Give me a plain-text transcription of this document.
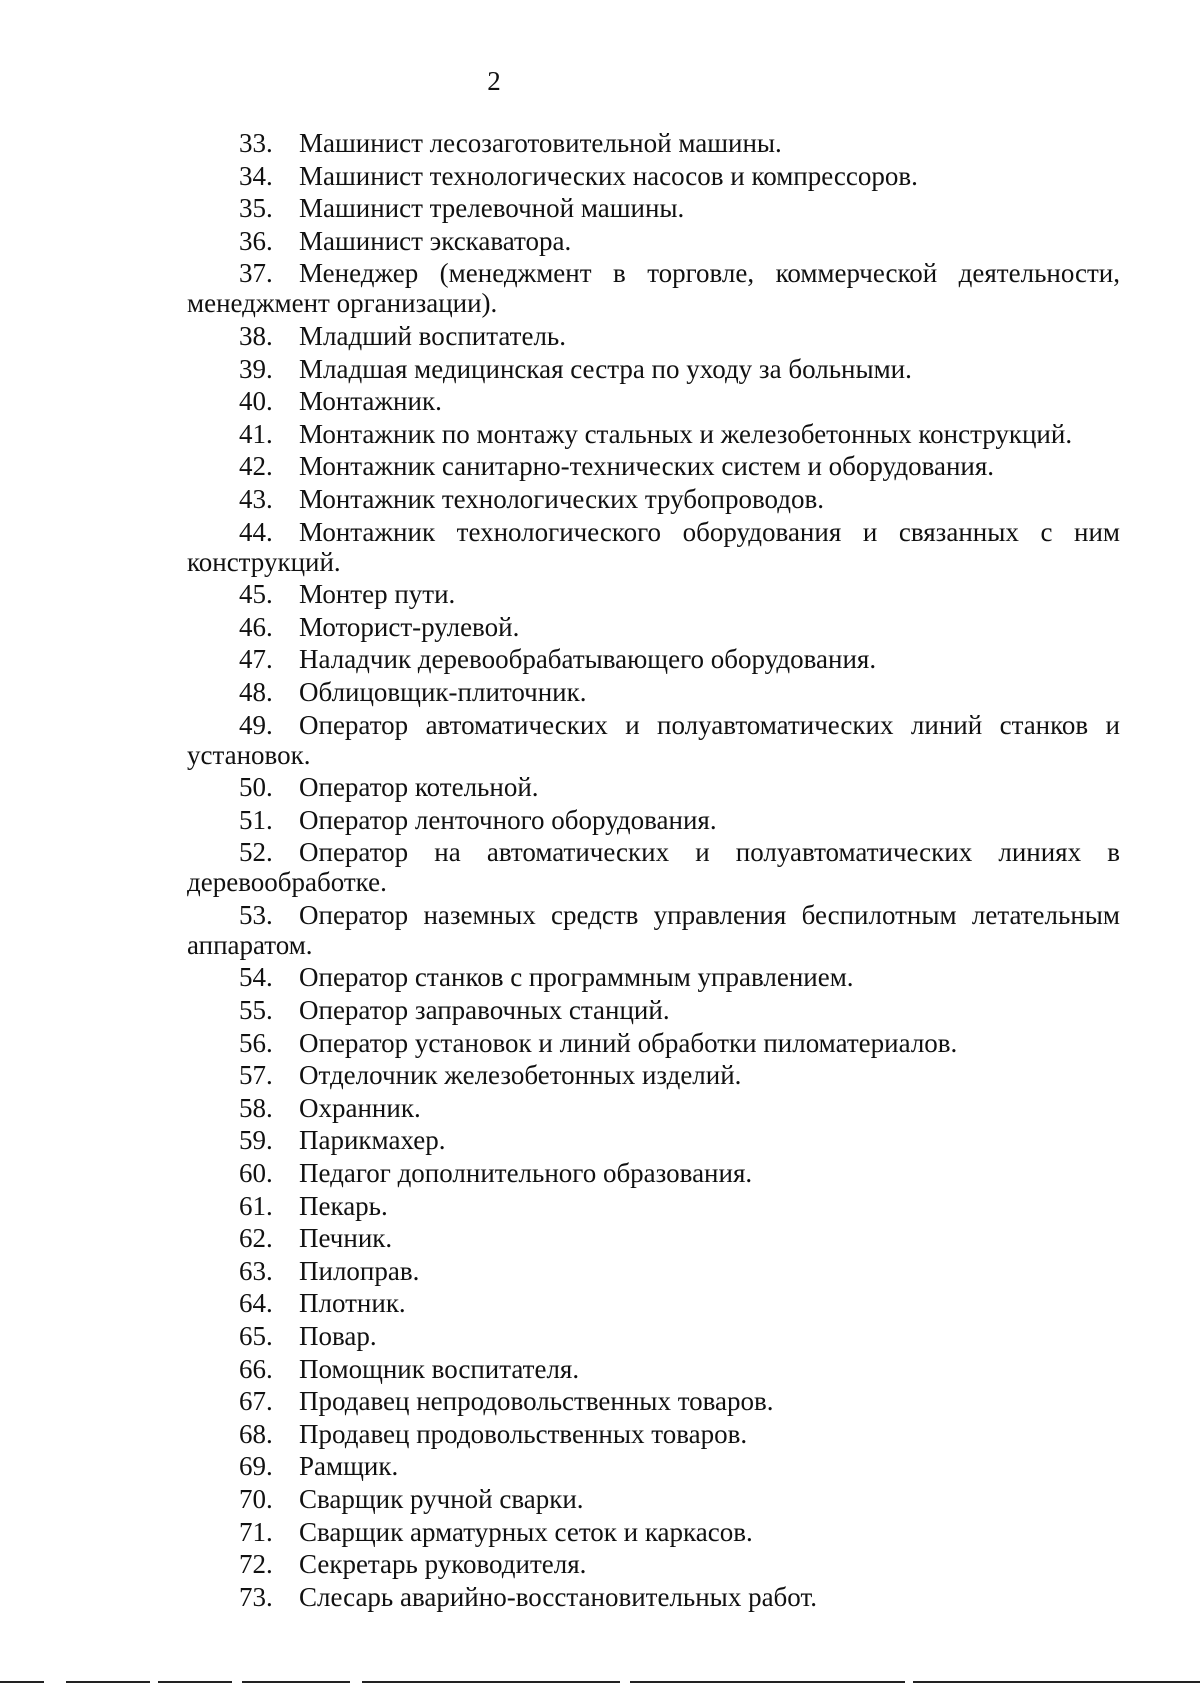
2
33. Машинист лесозаготовительной машины.
34. Машинист технологических насосов и компрессоров.
35. Машинист трелевочной машины.
36. Машинист экскаватора.
37. Менеджер (менеджмент в торговле, коммерческой деятельности, менеджмент организации).
38. Младший воспитатель.
39. Младшая медицинская сестра по уходу за больными.
40. Монтажник.
41. Монтажник по монтажу стальных и железобетонных конструкций.
42. Монтажник санитарно-технических систем и оборудования.
43. Монтажник технологических трубопроводов.
44. Монтажник технологического оборудования и связанных с ним конструкций.
45. Монтер пути.
46. Моторист-рулевой.
47. Наладчик деревообрабатывающего оборудования.
48. Облицовщик-плиточник.
49. Оператор автоматических и полуавтоматических линий станков и установок.
50. Оператор котельной.
51. Оператор ленточного оборудования.
52. Оператор на автоматических и полуавтоматических линиях в деревообработке.
53. Оператор наземных средств управления беспилотным летательным аппаратом.
54. Оператор станков с программным управлением.
55. Оператор заправочных станций.
56. Оператор установок и линий обработки пиломатериалов.
57. Отделочник железобетонных изделий.
58. Охранник.
59. Парикмахер.
60. Педагог дополнительного образования.
61. Пекарь.
62. Печник.
63. Пилоправ.
64. Плотник.
65. Повар.
66. Помощник воспитателя.
67. Продавец непродовольственных товаров.
68. Продавец продовольственных товаров.
69. Рамщик.
70. Сварщик ручной сварки.
71. Сварщик арматурных сеток и каркасов.
72. Секретарь руководителя.
73. Слесарь аварийно-восстановительных работ.
